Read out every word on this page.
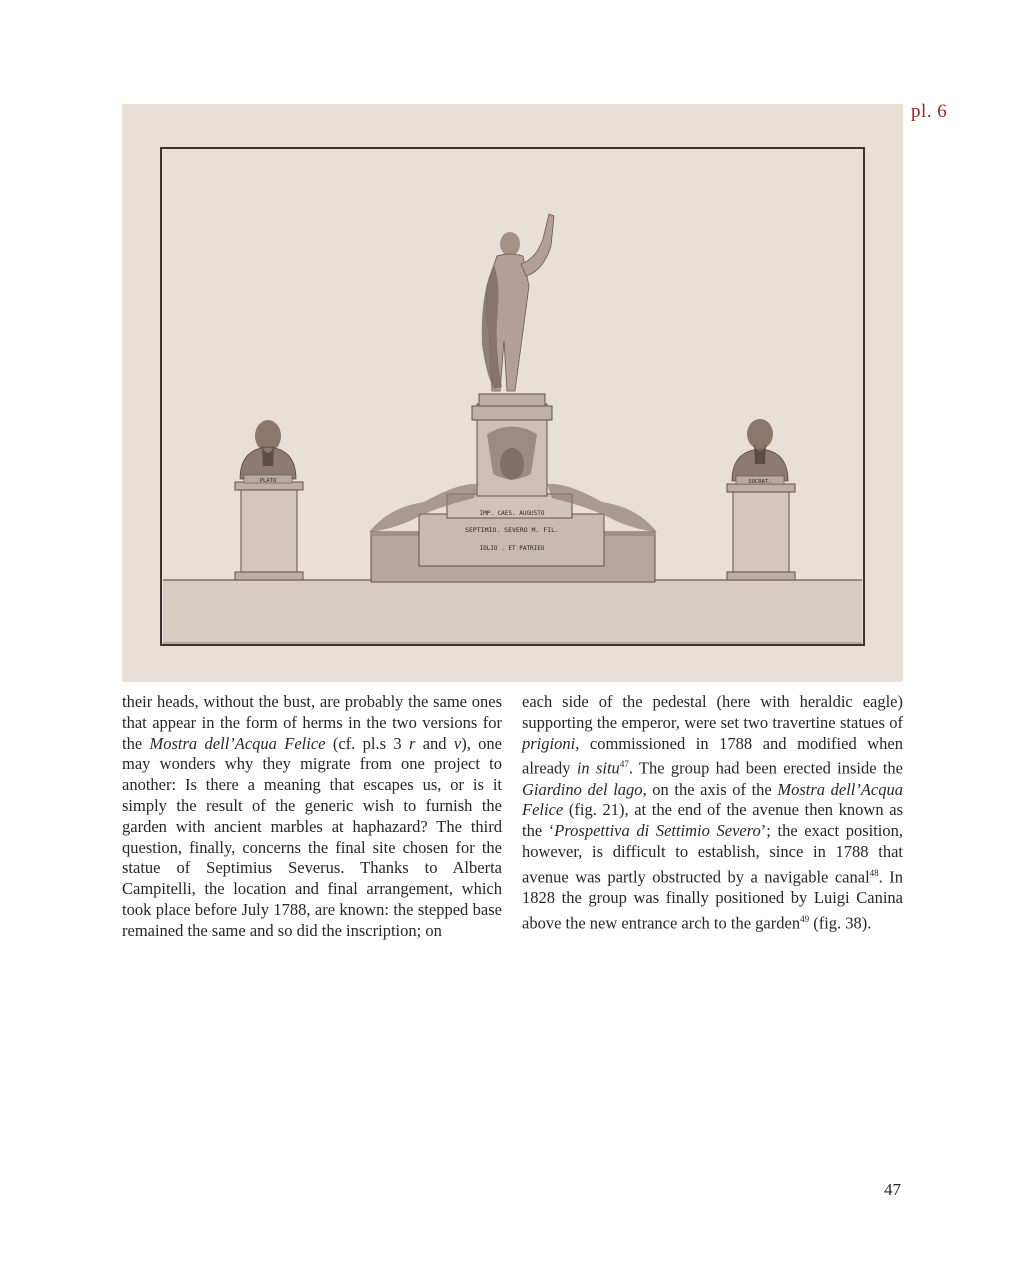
pl. 6
IMP. CAES. AUGUSTO
SEPTIMIO. SEVERO M. FIL.
IOLIO . ET PATRIEO
PLATO	SOCRAT.

their heads, without the bust, are probably the same ones that appear in the form of herms in the two versions for the Mostra dell’Acqua Felice (cf. pl.s 3 r and v), one may wonders why they migrate from one project to another: Is there a meaning that escapes us, or is it simply the result of the generic wish to furnish the garden with ancient marbles at haphazard? The third question, finally, concerns the final site chosen for the statue of Septimius Severus. Thanks to Alberta Campitelli, the location and final arrangement, which took place before July 1788, are known: the stepped base remained the same and so did the inscription; on

each side of the pedestal (here with heraldic eagle) supporting the emperor, were set two travertine statues of prigioni, commissioned in 1788 and modified when already in situ$^{47}$. The group had been erected inside the Giardino del lago, on the axis of the Mostra dell’Acqua Felice (fig. 21), at the end of the avenue then known as the ‘Prospettiva di Settimio Severo’; the exact position, however, is difficult to establish, since in 1788 that avenue was partly obstructed by a navigable canal$^{48}$. In 1828 the group was finally positioned by Luigi Canina above the new entrance arch to the garden$^{49}$ (fig. 38).

47
